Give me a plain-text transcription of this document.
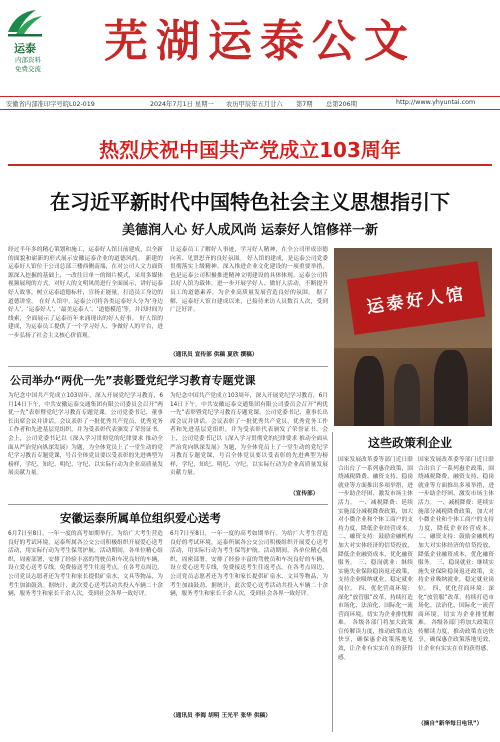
运泰
内部资料
免费交流
芜湖运泰公文
安徽省内部准印字号皖L02-019	2024年7月1日 星期一 农历甲辰年五月廿六 第7期 总第206期	http://www.yhyuntai.com
热烈庆祝中国共产党成立103周年
在习近平新时代中国特色社会主义思想指引下
美德润人心 好人成风尚 运泰好人馆修祥一新
经过半年多的精心策划和施工，运泰好人馆日前建成，以全新的面貌和崭新的形式展示安徽运泰企业的道德风尚。 新建的运泰好人馆位于公司总部三楼西侧南端，在对公司人文力面资源深入挖掘的基础上，一改往日单一的图片模式，采用多媒体视频展现的方式，对好人的文明风尚进行全面展示，讲好运泰好人故事，树立运泰道德标杆，宣扬正能量，打造员工身边的道德讲堂。 在好人馆中，运泰公司将各类运泰好人分为‘身边好人’、‘运泰好人’、‘最美运泰人’、‘道德模范’等，并以时间为线索，全面展示了运泰历年来涌现出的好人好事。 好人馆的建成，为运泰员工提供了一个学习好人、争做好人的平台，进一步弘扬了社会主义核心价值观。
让运泰员工了解好人事迹，学习好人精神，在全公司形成崇德向善、见贤思齐的良好氛围。 好人馆的建成，是运泰公司党委贯彻落实上级精神、深入推进企业文化建设的一项重要举措，也是运泰公司积极推进精神文明建设的具体体现。运泰公司将以好人馆为载体，进一步开展学好人、做好人活动，不断提升员工的道德素养，为企业高质量发展营造良好的氛围。 据了解，运泰好人馆自建成以来，已接待来访人员数百人次，受到广泛好评。
（通讯员 宣传部 供稿 夏欣 撰稿）
运泰好人馆
公司举办“两优一先”表彰暨党纪学习教育专题党课
为纪念中国共产党成立103周年，深入开展党纪学习教育，6月14日下午，中共安徽运泰交通集团有限公司委员会召开“两优一先”表彰暨党纪学习教育专题党课。公司党委书记、董事长出席会议并讲话。会议表彰了一批优秀共产党员、优秀党务工作者和先进基层党组织，并为受表彰代表颁发了荣誉证书。会上，公司党委书记以《深入学习贯彻党的纪律要求 推动全面从严治党向纵深发展》为题，为全体党员上了一堂生动的党纪学习教育专题党课，号召全体党员要以受表彰的先进典型为榜样，学纪、知纪、明纪、守纪，以实际行动为企业高质量发展贡献力量。
为纪念中国共产党成立103周年，深入开展党纪学习教育，6月14日下午，中共安徽运泰交通集团有限公司委员会召开“两优一先”表彰暨党纪学习教育专题党课。公司党委书记、董事长出席会议并讲话。会议表彰了一批优秀共产党员、优秀党务工作者和先进基层党组织，并为受表彰代表颁发了荣誉证书。会上，公司党委书记以《深入学习贯彻党的纪律要求 推动全面从严治党向纵深发展》为题，为全体党员上了一堂生动的党纪学习教育专题党课，号召全体党员要以受表彰的先进典型为榜样，学纪、知纪、明纪、守纪，以实际行动为企业高质量发展贡献力量。
（宣传部）
安徽运泰所属单位组织爱心送考
6月7日至8日，一年一度的高考如期举行。为给广大考生营造良好的考试环境，运泰所属各公交公司积极组织开展爱心送考活动，用实际行动为考生保驾护航。活动期间，各单位精心组织，周密部署，安排了经验丰富的驾驶员和车况良好的车辆，设立爱心送考专线，免费接送考生往返考点。在各考点周边，公司党员志愿者还为考生和家长提供矿泉水、文具等物品，为考生加油鼓劲。据统计，此次爱心送考活动共投入车辆二十余辆，服务考生和家长千余人次，受到社会各界一致好评。
6月7日至8日，一年一度的高考如期举行。为给广大考生营造良好的考试环境，运泰所属各公交公司积极组织开展爱心送考活动，用实际行动为考生保驾护航。活动期间，各单位精心组织，周密部署，安排了经验丰富的驾驶员和车况良好的车辆，设立爱心送考专线，免费接送考生往返考点。在各考点周边，公司党员志愿者还为考生和家长提供矿泉水、文具等物品，为考生加油鼓劲。据统计，此次爱心送考活动共投入车辆二十余辆，服务考生和家长千余人次，受到社会各界一致好评。
（通讯员 李海 胡明 王光平 张华 供稿）
这些政策利企业
国家发展改革委等部门近日联合出台了一系列惠企政策，围绕减税降费、融资支持、稳岗就业等方面推出多项举措，进一步助企纾困、激发市场主体活力。 一、减税降费：延续实施部分减税降费政策，加大对小微企业和个体工商户的支持力度，降低企业经营成本。 二、融资支持：鼓励金融机构加大对实体经济的信贷投放，降低企业融资成本，优化融资服务。 三、稳岗就业：继续实施失业保险稳岗返还政策，支持企业吸纳就业，稳定就业岗位。 四、优化营商环境：深化“放管服”改革，持续打造市场化、法治化、国际化一流营商环境，切实为企业排忧解难。 各级各部门将加大政策宣传解读力度，推动政策直达快享，确保惠企政策落地见效，让企业有实实在在的获得感。
国家发展改革委等部门近日联合出台了一系列惠企政策，围绕减税降费、融资支持、稳岗就业等方面推出多项举措，进一步助企纾困、激发市场主体活力。 一、减税降费：延续实施部分减税降费政策，加大对小微企业和个体工商户的支持力度，降低企业经营成本。 二、融资支持：鼓励金融机构加大对实体经济的信贷投放，降低企业融资成本，优化融资服务。 三、稳岗就业：继续实施失业保险稳岗返还政策，支持企业吸纳就业，稳定就业岗位。 四、优化营商环境：深化“放管服”改革，持续打造市场化、法治化、国际化一流营商环境，切实为企业排忧解难。 各级各部门将加大政策宣传解读力度，推动政策直达快享，确保惠企政策落地见效，让企业有实实在在的获得感。
（摘自“新华每日电讯”）
